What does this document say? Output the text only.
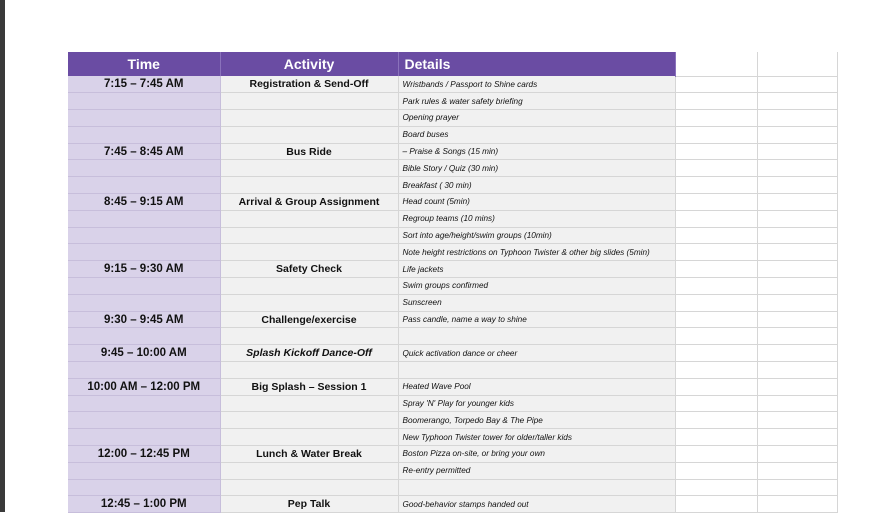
Time	Activity	Details		
7:15 – 7:45 AM	Registration & Send-Off	Wristbands / Passport to Shine cards		
		Park rules & water safety briefing		
		Opening prayer		
		Board buses		
7:45 – 8:45 AM	Bus Ride	– Praise & Songs (15 min)		
		Bible Story / Quiz (30 min)		
		Breakfast ( 30 min)		
8:45 – 9:15 AM	Arrival & Group Assignment	Head count (5min)		
		Regroup teams (10 mins)		
		Sort into age/height/swim groups (10min)		
		Note height restrictions on Typhoon Twister & other big slides (5min)		
9:15 – 9:30 AM	Safety Check	Life jackets		
		Swim groups confirmed		
		Sunscreen		
9:30 – 9:45 AM	Challenge/exercise	Pass candle, name a way to shine		

9:45 – 10:00 AM	Splash Kickoff Dance-Off	Quick activation dance or cheer		

10:00 AM – 12:00 PM	Big Splash – Session 1	Heated Wave Pool		
		Spray 'N' Play for younger kids		
		Boomerango, Torpedo Bay & The Pipe		
		New Typhoon Twister tower for older/taller kids		
12:00 – 12:45 PM	Lunch & Water Break	Boston Pizza on-site, or bring your own		
		Re-entry permitted		

12:45 – 1:00 PM	Pep Talk	Good-behavior stamps handed out		
